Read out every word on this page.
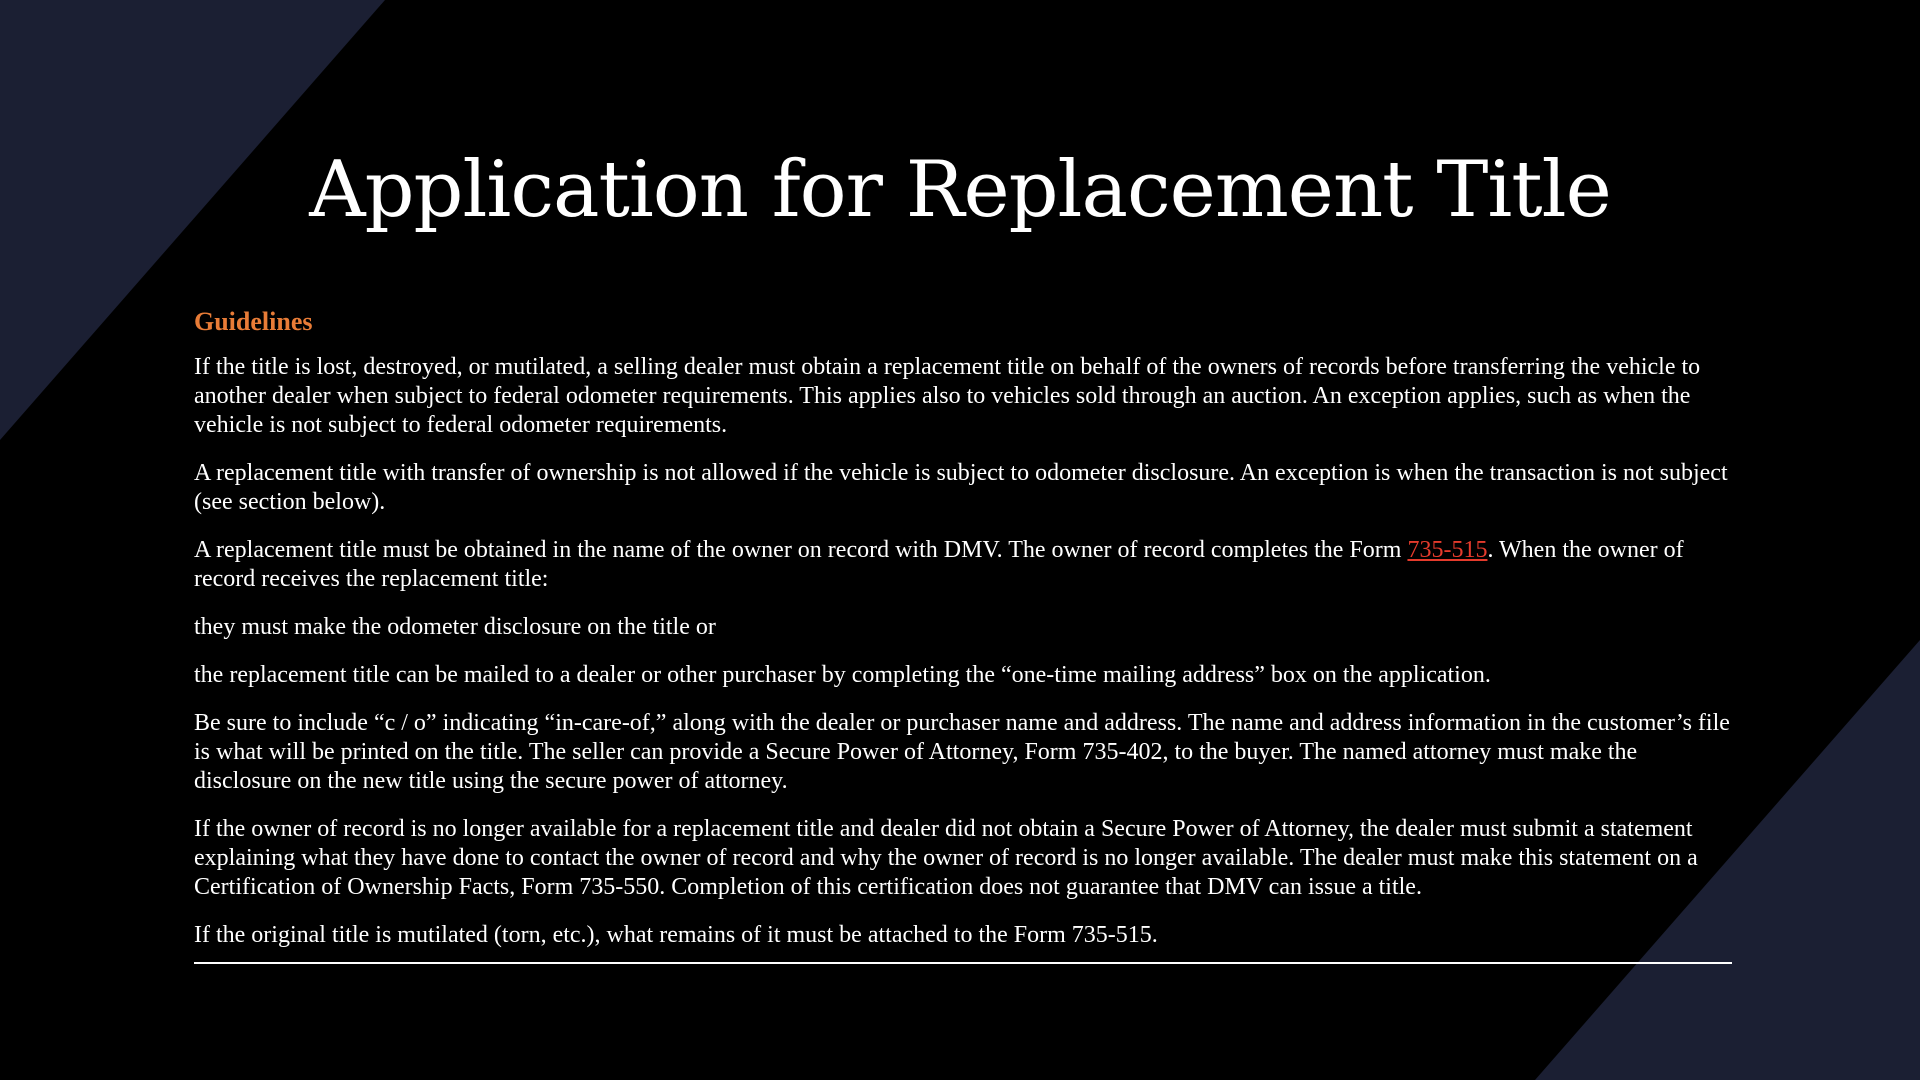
Application for Replacement Title

Guidelines

If the title is lost, destroyed, or mutilated, a selling dealer must obtain a replacement title on behalf of the owners of records before transferring the vehicle to another dealer when subject to federal odometer requirements. This applies also to vehicles sold through an auction. An exception applies, such as when the vehicle is not subject to federal odometer requirements.

A replacement title with transfer of ownership is not allowed if the vehicle is subject to odometer disclosure. An exception is when the transaction is not subject (see section below).

A replacement title must be obtained in the name of the owner on record with DMV. The owner of record completes the Form 735-515. When the owner of record receives the replacement title:

they must make the odometer disclosure on the title or

the replacement title can be mailed to a dealer or other purchaser by completing the “one-time mailing address” box on the application.

Be sure to include “c / o” indicating “in-care-of,” along with the dealer or purchaser name and address. The name and address information in the customer’s file is what will be printed on the title. The seller can provide a Secure Power of Attorney, Form 735-402, to the buyer. The named attorney must make the disclosure on the new title using the secure power of attorney.

If the owner of record is no longer available for a replacement title and dealer did not obtain a Secure Power of Attorney, the dealer must submit a statement explaining what they have done to contact the owner of record and why the owner of record is no longer available. The dealer must make this statement on a Certification of Ownership Facts, Form 735-550. Completion of this certification does not guarantee that DMV can issue a title.

If the original title is mutilated (torn, etc.), what remains of it must be attached to the Form 735-515.
